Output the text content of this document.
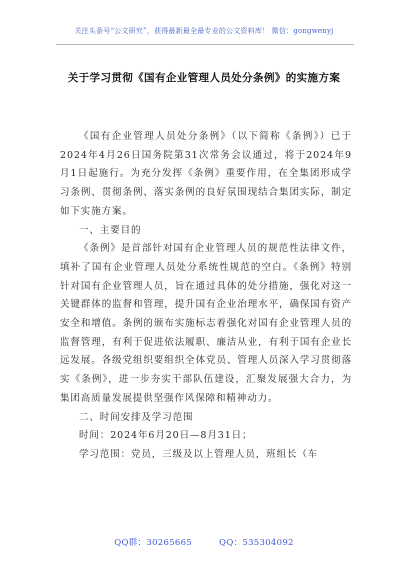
关注头条号“公文研究”，获得最新最全最专业的公文资料库！ 微信：gongwenyj
关于学习贯彻《国有企业管理人员处分条例》的实施方案

《国有企业管理人员处分条例》（以下简称《条例》）已于2024年4月26日国务院第31次常务会议通过，将于2024年9月1日起施行。为充分发挥《条例》重要作用，在全集团形成学习条例、贯彻条例、落实条例的良好氛围现结合集团实际，制定如下实施方案。

一、主要目的

《条例》是首部针对国有企业管理人员的规范性法律文件，填补了国有企业管理人员处分系统性规范的空白。《条例》特别针对国有企业管理人员，旨在通过具体的处分措施，强化对这一关键群体的监督和管理，提升国有企业治理水平，确保国有资产安全和增值。条例的颁布实施标志着强化对国有企业管理人员的监督管理，有利于促进依法履职、廉洁从业，有利于国有企业长远发展。各级党组织要组织全体党员、管理人员深入学习贯彻落实《条例》，进一步夯实干部队伍建设，汇聚发展强大合力，为集团高质量发展提供坚强作风保障和精神动力。

二、时间安排及学习范围

时间：2024年6月20日—8月31日；

学习范围：党员，三级及以上管理人员，班组长（车

QQ群：30265665	QQ：535304092
